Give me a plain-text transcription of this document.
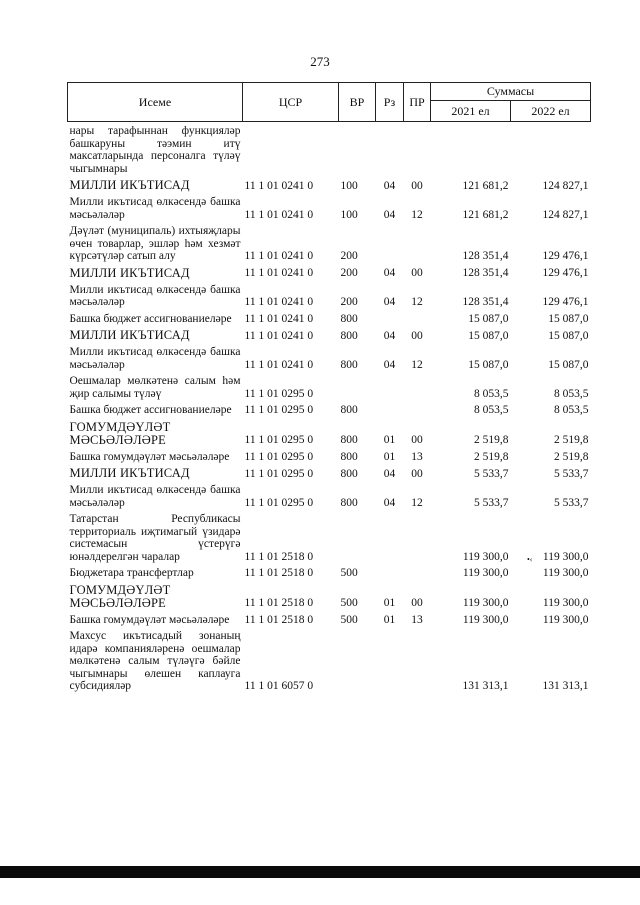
273
Исеме	ЦСР	ВР	Рз	ПР	Суммасы	
					2021 ел	2022 ел
нары тарафыннан функцияләр башкаруны тәэмин итү максатларында персоналга түләү чыгымнары						
МИЛЛИ ИКЪТИСАД	11 1 01 0241 0	100	04	00	121 681,2	124 827,1
Милли икътисад өлкәсендә башка мәсьәләләр	11 1 01 0241 0	100	04	12	121 681,2	124 827,1
Дәүләт (муниципаль) ихтыяҗлары өчен товарлар, эшләр һәм хезмәт күрсәтүләр сатып алу	11 1 01 0241 0	200			128 351,4	129 476,1
МИЛЛИ ИКЪТИСАД	11 1 01 0241 0	200	04	00	128 351,4	129 476,1
Милли икътисад өлкәсендә башка мәсьәләләр	11 1 01 0241 0	200	04	12	128 351,4	129 476,1
Башка бюджет ассигнованиеләре	11 1 01 0241 0	800			15 087,0	15 087,0
МИЛЛИ ИКЪТИСАД	11 1 01 0241 0	800	04	00	15 087,0	15 087,0
Милли икътисад өлкәсендә башка мәсьәләләр	11 1 01 0241 0	800	04	12	15 087,0	15 087,0
Оешмалар мөлкәтенә салым һәм җир салымы түләү	11 1 01 0295 0				8 053,5	8 053,5
Башка бюджет ассигнованиеләре	11 1 01 0295 0	800			8 053,5	8 053,5
ГОМУМДӘҮЛӘТ МӘСЬӘЛӘЛӘРЕ	11 1 01 0295 0	800	01	00	2 519,8	2 519,8
Башка гомумдәүләт мәсьәләләре	11 1 01 0295 0	800	01	13	2 519,8	2 519,8
МИЛЛИ ИКЪТИСАД	11 1 01 0295 0	800	04	00	5 533,7	5 533,7
Милли икътисад өлкәсендә башка мәсьәләләр	11 1 01 0295 0	800	04	12	5 533,7	5 533,7
Татарстан Республикасы территориаль иҗтимагый үзидарә системасын үстерүгә юнәлдерелгән чаралар	11 1 01 2518 0				119 300,0	119 300,0
Бюджетара трансфертлар	11 1 01 2518 0	500			119 300,0	119 300,0
ГОМУМДӘҮЛӘТ МӘСЬӘЛӘЛӘРЕ	11 1 01 2518 0	500	01	00	119 300,0	119 300,0
Башка гомумдәүләт мәсьәләләре	11 1 01 2518 0	500	01	13	119 300,0	119 300,0
Махсус икътисадый зонаның идарә компанияләренә оешмалар мөлкәтенә салым түләүгә бәйле чыгымнары өлешен каплауга субсидияләр	11 1 01 6057 0				131 313,1	131 313,1
•‹
